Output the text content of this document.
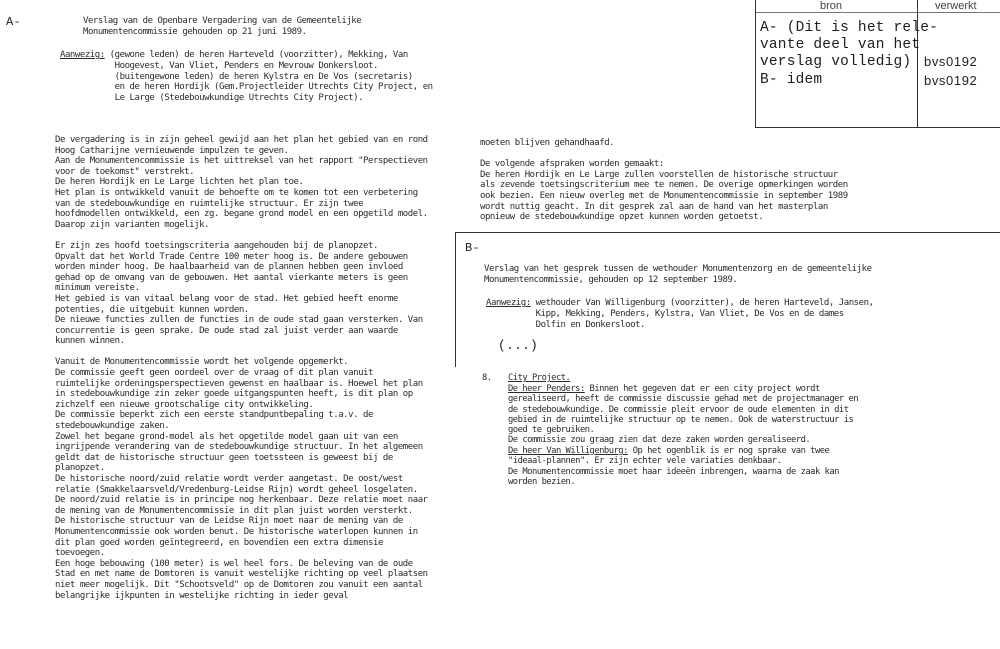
bron	verwerkt
A- (Dit is het rele-
vante deel van het
verslag volledig)
B- idem
bvs0192
bvs0192
A-	Verslag van de Openbare Vergadering van de Gemeentelijke
Monumentencommissie gehouden op 21 juni 1989.
Aanwezig: (gewone leden) de heren Harteveld (voorzitter), Mekking, Van
Hoogevest, Van Vliet, Penders en Mevrouw Donkersloot.
(buitengewone leden) de heren Kylstra en De Vos (secretaris)
en de heren Hordijk (Gem.Projectleider Utrechts City Project, en
Le Large (Stedebouwkundige Utrechts City Project).
De vergadering is in zijn geheel gewijd aan het plan het gebied van en rond
Hoog Catharijne vernieuwende impulzen te geven.
Aan de Monumentencommissie is het uittreksel van het rapport "Perspectieven
voor de toekomst" verstrekt.
De heren Hordijk en Le Large lichten het plan toe.
Het plan is ontwikkeld vanuit de behoefte om te komen tot een verbetering
van de stedebouwkundige en ruimtelijke structuur. Er zijn twee
hoofdmodellen ontwikkeld, een zg. begane grond model en een opgetild model.
Daarop zijn varianten mogelijk.

Er zijn zes hoofd toetsingscriteria aangehouden bij de planopzet.
Opvalt dat het World Trade Centre 100 meter hoog is. De andere gebouwen
worden minder hoog. De haalbaarheid van de plannen hebben geen invloed
gehad op de omvang van de gebouwen. Het aantal vierkante meters is geen
minimum vereiste.
Het gebied is van vitaal belang voor de stad. Het gebied heeft enorme
potenties, die uitgebuit kunnen worden.
De nieuwe functies zullen de functies in de oude stad gaan versterken. Van
concurrentie is geen sprake. De oude stad zal juist verder aan waarde
kunnen winnen.

Vanuit de Monumentencommissie wordt het volgende opgemerkt.
De commissie geeft geen oordeel over de vraag of dit plan vanuit
ruimtelijke ordeningsperspectieven gewenst en haalbaar is. Hoewel het plan
in stedebouwkundige zin zeker goede uitgangspunten heeft, is dit plan op
zichzelf een nieuwe grootschalige city ontwikkeling.
De commissie beperkt zich een eerste standpuntbepaling t.a.v. de
stedebouwkundige zaken.
Zowel het begane grond-model als het opgetilde model gaan uit van een
ingrijpende verandering van de stedebouwkundige structuur. In het algemeen
geldt dat de historische structuur geen toetssteen is geweest bij de
planopzet.
De historische noord/zuid relatie wordt verder aangetast. De oost/west
relatie (Smakkelaarsveld/Vredenburg-Leidse Rijn) wordt geheel losgelaten.
De noord/zuid relatie is in principe nog herkenbaar. Deze relatie moet naar
de mening van de Monumentencommissie in dit plan juist worden versterkt.
De historische structuur van de Leidse Rijn moet naar de mening van de
Monumentencommissie ook worden benut. De historische waterlopen kunnen in
dit plan goed worden geïntegreerd, en bovendien een extra dimensie
toevoegen.
Een hoge bebouwing (100 meter) is wel heel fors. De beleving van de oude
Stad en met name de Domtoren is vanuit westelijke richting op veel plaatsen
niet meer mogelijk. Dit "Schootsveld" op de Domtoren zou vanuit een aantal
belangrijke ijkpunten in westelijke richting in ieder geval
moeten blijven gehandhaafd.

De volgende afspraken worden gemaakt:
De heren Hordijk en Le Large zullen voorstellen de historische structuur
als zevende toetsingscriterium mee te nemen. De overige opmerkingen worden
ook bezien. Een nieuw overleg met de Monumentencommissie in september 1989
wordt nuttig geacht. In dit gesprek zal aan de hand van het masterplan
opnieuw de stedebouwkundige opzet kunnen worden getoetst.
B-
Verslag van het gesprek tussen de wethouder Monumentenzorg en de gemeentelijke
Monumentencommissie, gehouden op 12 september 1989.
Aanwezig: wethouder Van Willigenburg (voorzitter), de heren Harteveld, Jansen,
Kipp, Mekking, Penders, Kylstra, Van Vliet, De Vos en de dames
Dolfin en Donkersloot.
(...)
8. City Project.
De heer Penders: Binnen het gegeven dat er een city project wordt
gerealiseerd, heeft de commissie discussie gehad met de projectmanager en
de stedebouwkundige. De commissie pleit ervoor de oude elementen in dit
gebied in de ruimtelijke structuur op te nemen. Ook de waterstructuur is
goed te gebruiken.
De commissie zou graag zien dat deze zaken worden gerealiseerd.
De heer Van Willigenburg: Op het ogenblik is er nog sprake van twee
"ideaal-plannen". Er zijn echter vele variaties denkbaar.
De Monumentencommissie moet haar ideeën inbrengen, waarna de zaak kan
worden bezien.
